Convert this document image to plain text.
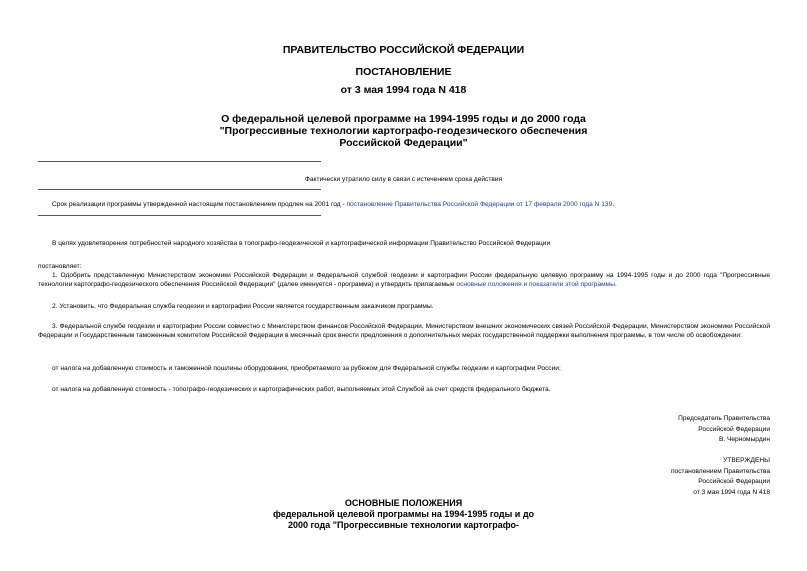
ПРАВИТЕЛЬСТВО РОССИЙСКОЙ ФЕДЕРАЦИИ
ПОСТАНОВЛЕНИЕ
от 3 мая 1994 года N 418
О федеральной целевой программе на 1994-1995 годы и до 2000 года
"Прогрессивные технологии картографо-геодезического обеспечения
Российской Федерации"
Фактически утратило силу в связи с истечением срока действия
Срок реализации программы утвержденной настоящим постановлением продлен на 2001 год - постановление Правительства Российской Федерации от 17 февраля 2000 года N 139.
В целях удовлетворения потребностей народного хозяйства в топографо-геодезической и картографической информации Правительство Российской Федерации
постановляет:
1. Одобрить представленную Министерством экономики Российской Федерации и Федеральной службой геодезии и картографии России федеральную целевую программу на 1994-1995 годы и до 2000 года "Прогрессивные технологии картографо-геодезического обеспечения Российской Федерации" (далее именуется - программа) и утвердить прилагаемые основные положения и показатели этой программы.
2. Установить, что Федеральная служба геодезии и картографии России является государственным заказчиком программы.
3. Федеральной службе геодезии и картографии России совместно с Министерством финансов Российской Федерации, Министерством внешних экономических связей Российской Федерации, Министерством экономики Российской Федерации и Государственным таможенным комитетом Российской Федерации в месячный срок внести предложения о дополнительных мерах государственной поддержки выполнения программы, в том числе об освобождении:
от налога на добавленную стоимость и таможенной пошлины оборудования, приобретаемого за рубежом для Федеральной службы геодезии и картографии России;
от налога на добавленную стоимость - топографо-геодезических и картографических работ, выполняемых этой Службой за счет средств федерального бюджета.
Председатель Правительства
Российской Федерации
В. Черномырдин
УТВЕРЖДЕНЫ
постановлением Правительства
Российской Федерации
от 3 мая 1994 года N 418
ОСНОВНЫЕ ПОЛОЖЕНИЯ
федеральной целевой программы на 1994-1995 годы и до
2000 года "Прогрессивные технологии картографо-
